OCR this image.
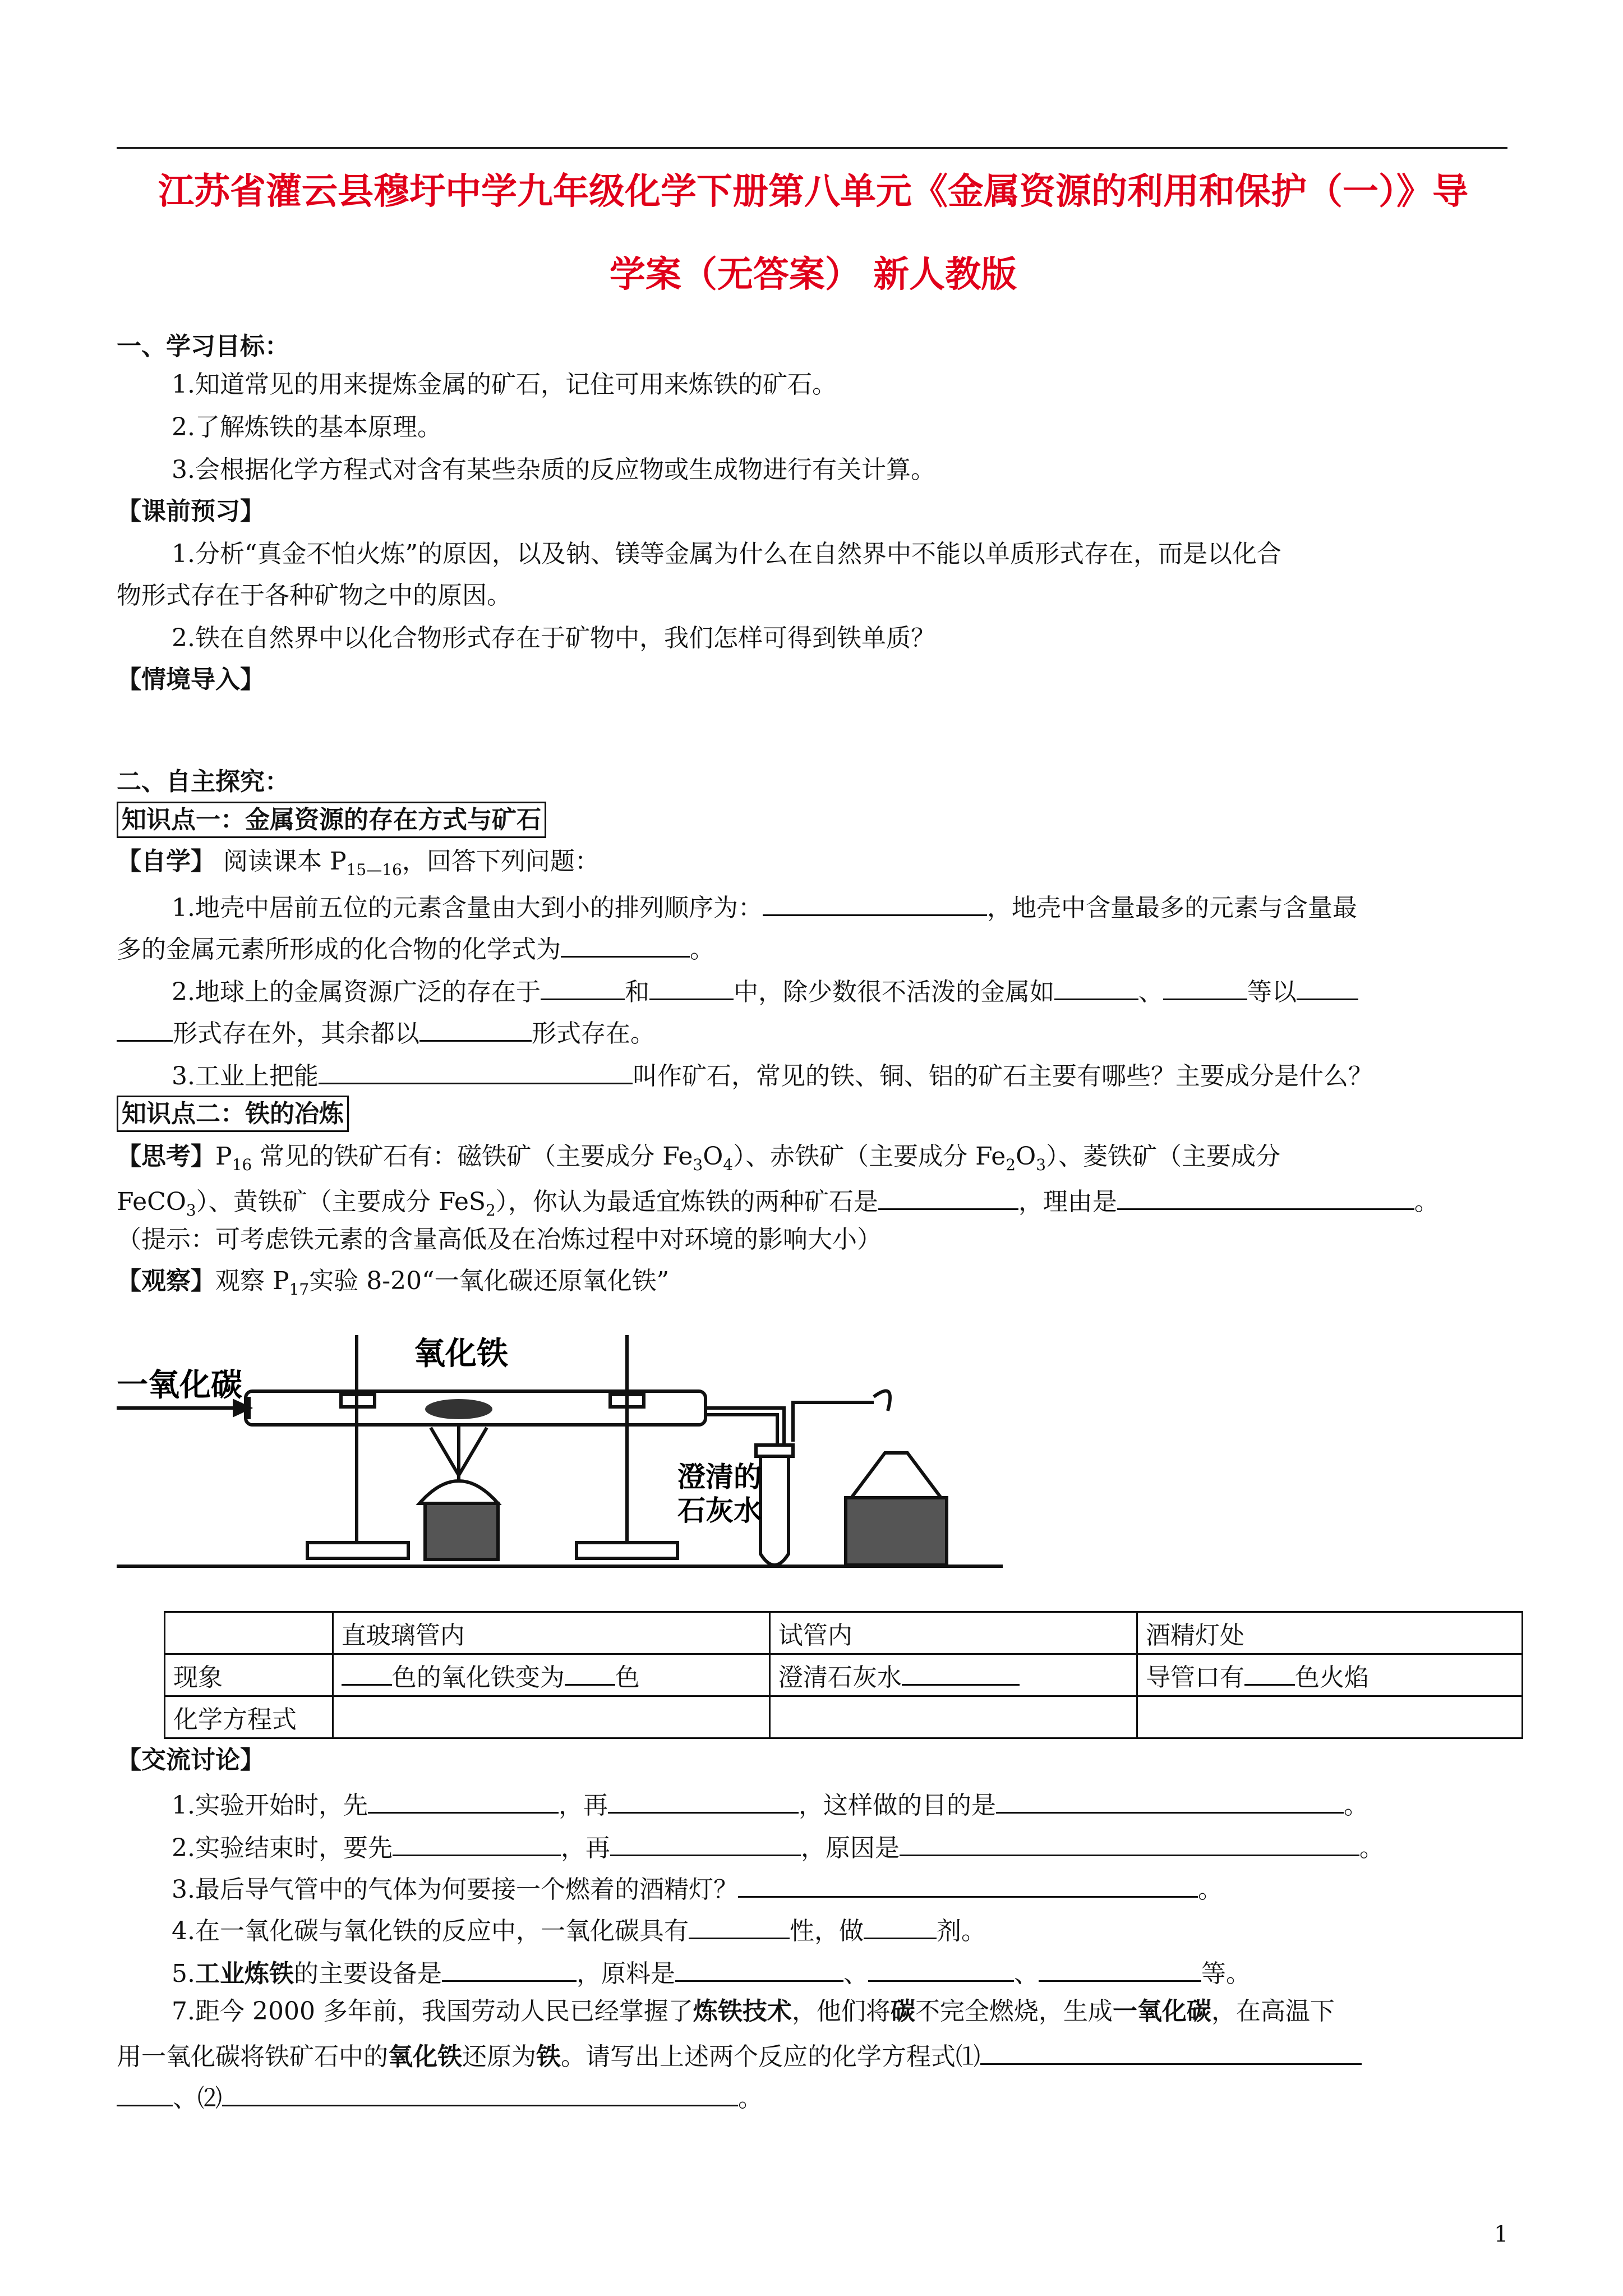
江苏省灌云县穆圩中学九年级化学下册第八单元《金属资源的利用和保护（一）》导
学案（无答案） 新人教版
一、学习目标：
1.知道常见的用来提炼金属的矿石，记住可用来炼铁的矿石。
2.了解炼铁的基本原理。
3.会根据化学方程式对含有某些杂质的反应物或生成物进行有关计算。
【课前预习】
1.分析“真金不怕火炼”的原因，以及钠、镁等金属为什么在自然界中不能以单质形式存在，而是以化合
物形式存在于各种矿物之中的原因。
2.铁在自然界中以化合物形式存在于矿物中，我们怎样可得到铁单质？
【情境导入】
二、自主探究：
知识点一：金属资源的存在方式与矿石
【自学】 阅读课本 $P_{15—16}$，回答下列问题：
1.地壳中居前五位的元素含量由大到小的排列顺序为：	，地壳中含量最多的元素与含量最
多的金属元素所形成的化合物的化学式为	。
2.地球上的金属资源广泛的存在于	和	中，除少数很不活泼的金属如	、	等以
形式存在外，其余都以	形式存在。
3.工业上把能	叫作矿石，常见的铁、铜、铝的矿石主要有哪些？主要成分是什么？
知识点二：铁的冶炼
【思考】$P_{16}$ 常见的铁矿石有：磁铁矿（主要成分 $Fe_3O_4$）、赤铁矿（主要成分 $Fe_2O_3$）、菱铁矿（主要成分
FeCO$_3$）、黄铁矿（主要成分 FeS$_2$），你认为最适宜炼铁的两种矿石是	，理由是	。
（提示：可考虑铁元素的含量高低及在冶炼过程中对环境的影响大小）
【观察】观察 $P_{17}$实验 8-20“一氧化碳还原氧化铁”
一氧化碳
氧化铁
澄清的
石灰水
	直玻璃管内	试管内	酒精灯处
现象	色的氧化铁变为 色	澄清石灰水	导管口有 色火焰
化学方程式			
【交流讨论】
1.实验开始时，先	，再	，这样做的目的是	。
2.实验结束时，要先	，再	，原因是	。
3.最后导气管中的气体为何要接一个燃着的酒精灯？	。
4.在一氧化碳与氧化铁的反应中，一氧化碳具有	性，做	剂。
5.工业炼铁的主要设备是	，原料是	、	、	等。
7.距今 2000 多年前，我国劳动人民已经掌握了炼铁技术，他们将碳不完全燃烧，生成一氧化碳，在高温下
用一氧化碳将铁矿石中的氧化铁还原为铁。请写出上述两个反应的化学方程式⑴
、⑵	。
1
